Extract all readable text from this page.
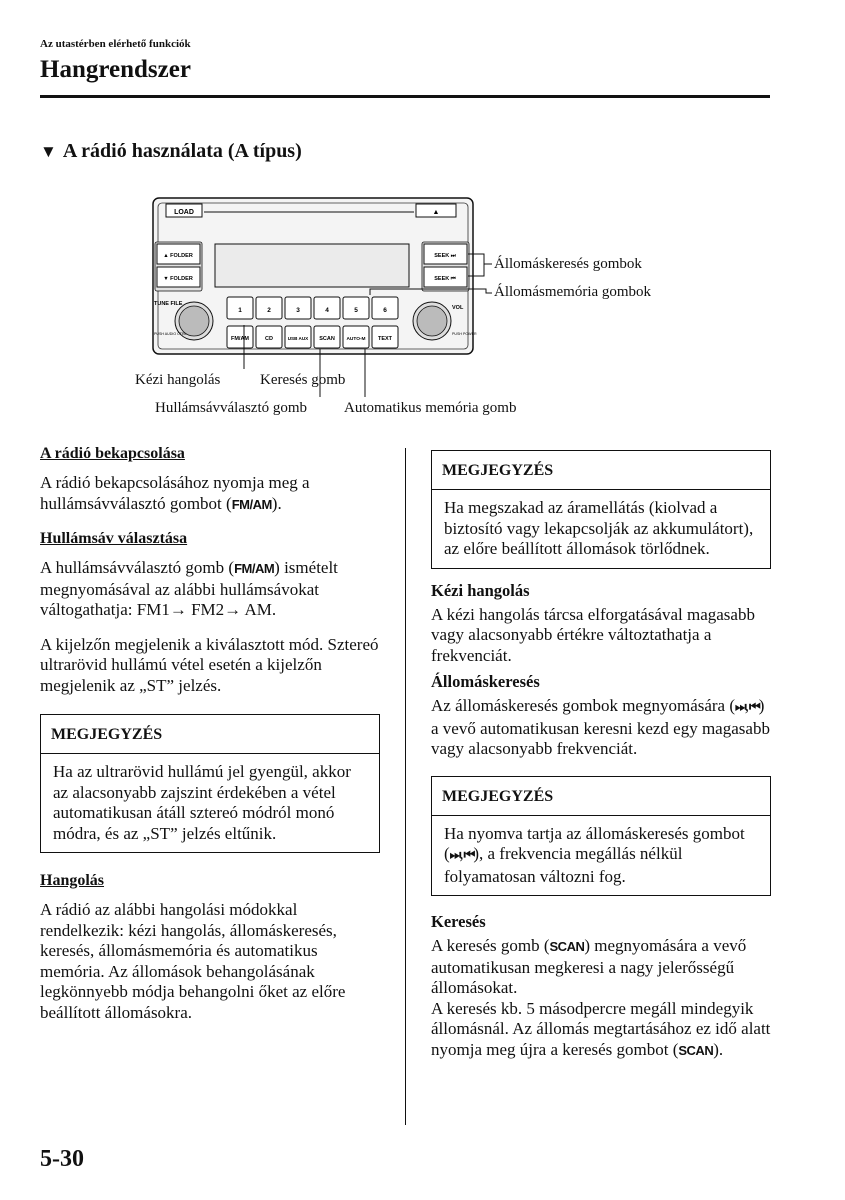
Az utastérben elérhető funkciók
Hangrendszer
▼ A rádió használata (A típus)
LOAD	▲
▲ FOLDER
▼ FOLDER
SEEK ⏭
SEEK ⏮
TUNE FILE
PUSH AUDIO CTRL
VOL
PUSH POWER
1	2	3	4	5	6
FM/AM	CD	USB AUX SCAN AUTO-M TEXT
Állomáskeresés gombok
Állomásmemória gombok
Kézi hangolás	Keresés gomb
Hullámsávválasztó gomb Automatikus memória gomb
A rádió bekapcsolása

A rádió bekapcsolásához nyomja meg a hullámsávválasztó gombot (FM/AM).

Hullámsáv választása

A hullámsávválasztó gomb (FM/AM) ismételt megnyomásával az alábbi hullámsávokat váltogathatja: FM1→ FM2→ AM.

A kijelzőn megjelenik a kiválasztott mód. Sztereó ultrarövid hullámú vétel esetén a kijelzőn megjelenik az „ST” jelzés.

MEGJEGYZÉS
Ha az ultrarövid hullámú jel gyengül, akkor az alacsonyabb zajszint érdekében a vétel automatikusan átáll sztereó módról monó módra, és az „ST” jelzés eltűnik.
Hangolás

A rádió az alábbi hangolási módokkal rendelkezik: kézi hangolás, állomáskeresés, keresés, állomásmemória és automatikus memória. Az állomások behangolásának legkönnyebb módja behangolni őket az előre beállított állomásokra.

MEGJEGYZÉS
Ha megszakad az áramellátás (kiolvad a biztosító vagy lekapcsolják az akkumulátort), az előre beállított állomások törlődnek.
Kézi hangolás

A kézi hangolás tárcsa elforgatásával magasabb vagy alacsonyabb értékre változtathatja a frekvenciát.

Állomáskeresés

Az állomáskeresés gombok megnyomására (⏭,⏮) a vevő automatikusan keresni kezd egy magasabb vagy alacsonyabb frekvenciát.

MEGJEGYZÉS
Ha nyomva tartja az állomáskeresés gombot (⏭,⏮), a frekvencia megállás nélkül folyamatosan változni fog.
Keresés

A keresés gomb (SCAN) megnyomására a vevő automatikusan megkeresi a nagy jelerősségű állomásokat.

A keresés kb. 5 másodpercre megáll mindegyik állomásnál. Az állomás megtartásához ez idő alatt nyomja meg újra a keresés gombot (SCAN).

5-30
